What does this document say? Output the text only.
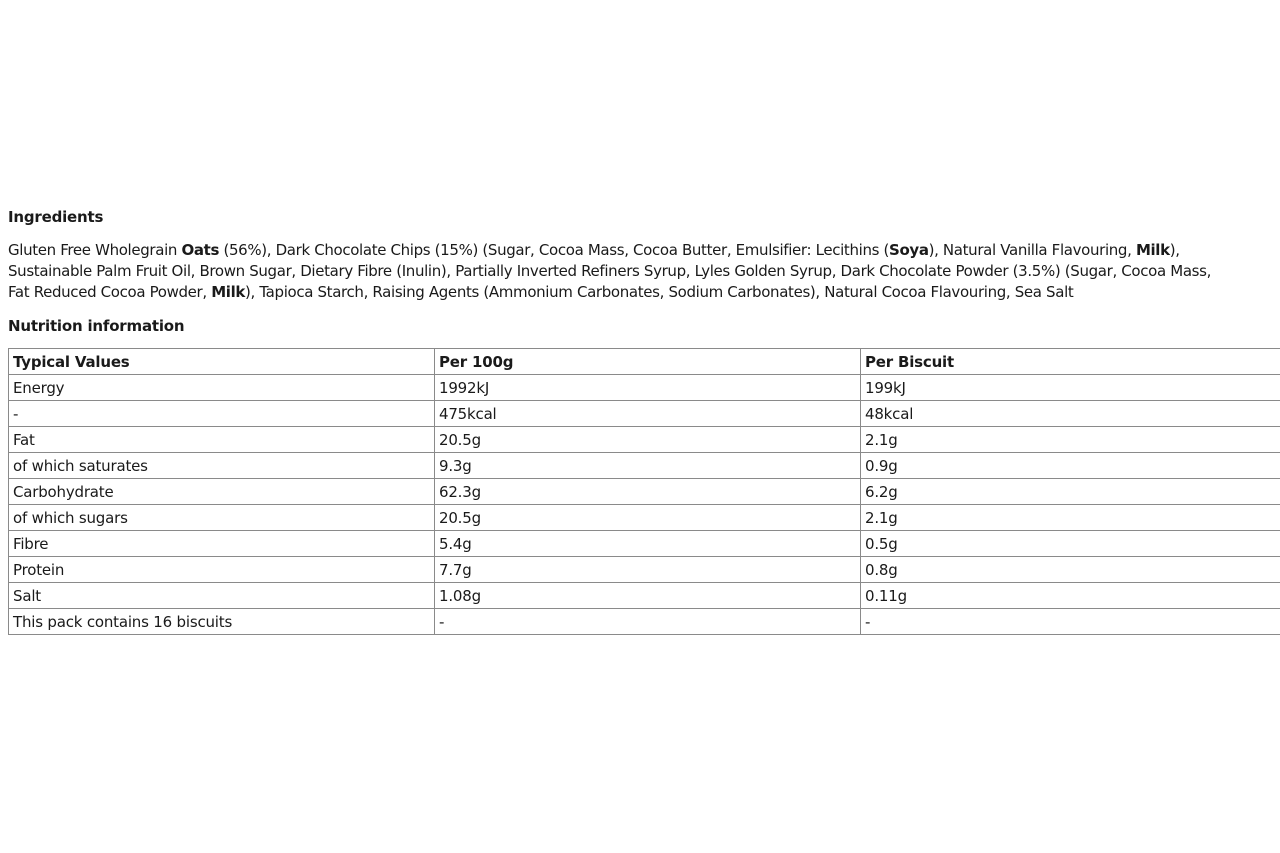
Ingredients

Gluten Free Wholegrain Oats (56%), Dark Chocolate Chips (15%) (Sugar, Cocoa Mass, Cocoa Butter, Emulsifier: Lecithins (Soya), Natural Vanilla Flavouring, Milk),
Sustainable Palm Fruit Oil, Brown Sugar, Dietary Fibre (Inulin), Partially Inverted Refiners Syrup, Lyles Golden Syrup, Dark Chocolate Powder (3.5%) (Sugar, Cocoa Mass,
Fat Reduced Cocoa Powder, Milk), Tapioca Starch, Raising Agents (Ammonium Carbonates, Sodium Carbonates), Natural Cocoa Flavouring, Sea Salt

Nutrition information
Typical Values	Per 100g	Per Biscuit
Energy	1992kJ	199kJ
-	475kcal	48kcal
Fat	20.5g	2.1g
of which saturates	9.3g	0.9g
Carbohydrate	62.3g	6.2g
of which sugars	20.5g	2.1g
Fibre	5.4g	0.5g
Protein	7.7g	0.8g
Salt	1.08g	0.11g
This pack contains 16 biscuits	-	-
